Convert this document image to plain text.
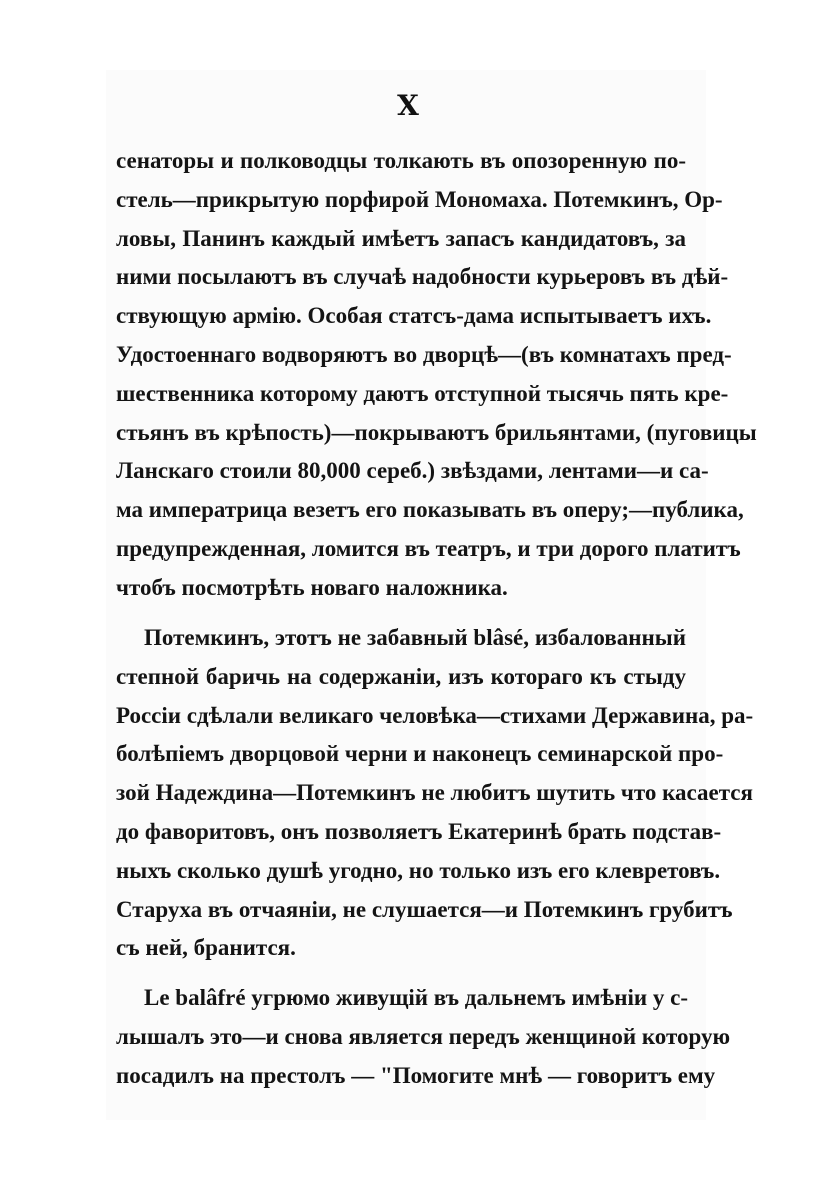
X
сенаторы и полководцы толкають въ опозоренную по-
стель—прикрытую порфирой Мономаха. Потемкинъ, Ор-
ловы, Панинъ каждый имѣетъ запасъ кандидатовъ, за
ними посылаютъ въ случаѣ надобности курьеровъ въ дѣй-
ствующую армію. Особая статсъ-дама испытываетъ ихъ.
Удостоеннаго водворяютъ во дворцѣ—(въ комнатахъ пред-
шественника которому даютъ отступной тысячь пять кре-
стьянъ въ крѣпость)—покрываютъ брильянтами, (пуговицы
Ланскаго стоили 80,000 сереб.) звѣздами, лентами—и са-
ма императрица везетъ его показывать въ оперу;—публика,
предупрежденная, ломится въ театръ, и три дорого платитъ
чтобъ посмотрѣть новаго наложника.
Потемкинъ, этотъ не забавный blâsé, избалованный
степной баричь на содержаніи, изъ котораго къ стыду
Россіи сдѣлали великаго человѣка—стихами Державина, ра-
болѣпіемъ дворцовой черни и наконецъ семинарской про-
зой Надеждина—Потемкинъ не любитъ шутить что касается
до фаворитовъ, онъ позволяетъ Екатеринѣ брать подстав-
ныхъ сколько душѣ угодно, но только изъ его клевретовъ.
Старуха въ отчаяніи, не слушается—и Потемкинъ грубитъ
съ ней, бранится.
Le balâfré угрюмо живущій въ дальнемъ имѣніи у с-
лышалъ это—и снова является передъ женщиной которую
посадилъ на престолъ — "Помогите мнѣ — говоритъ ему
